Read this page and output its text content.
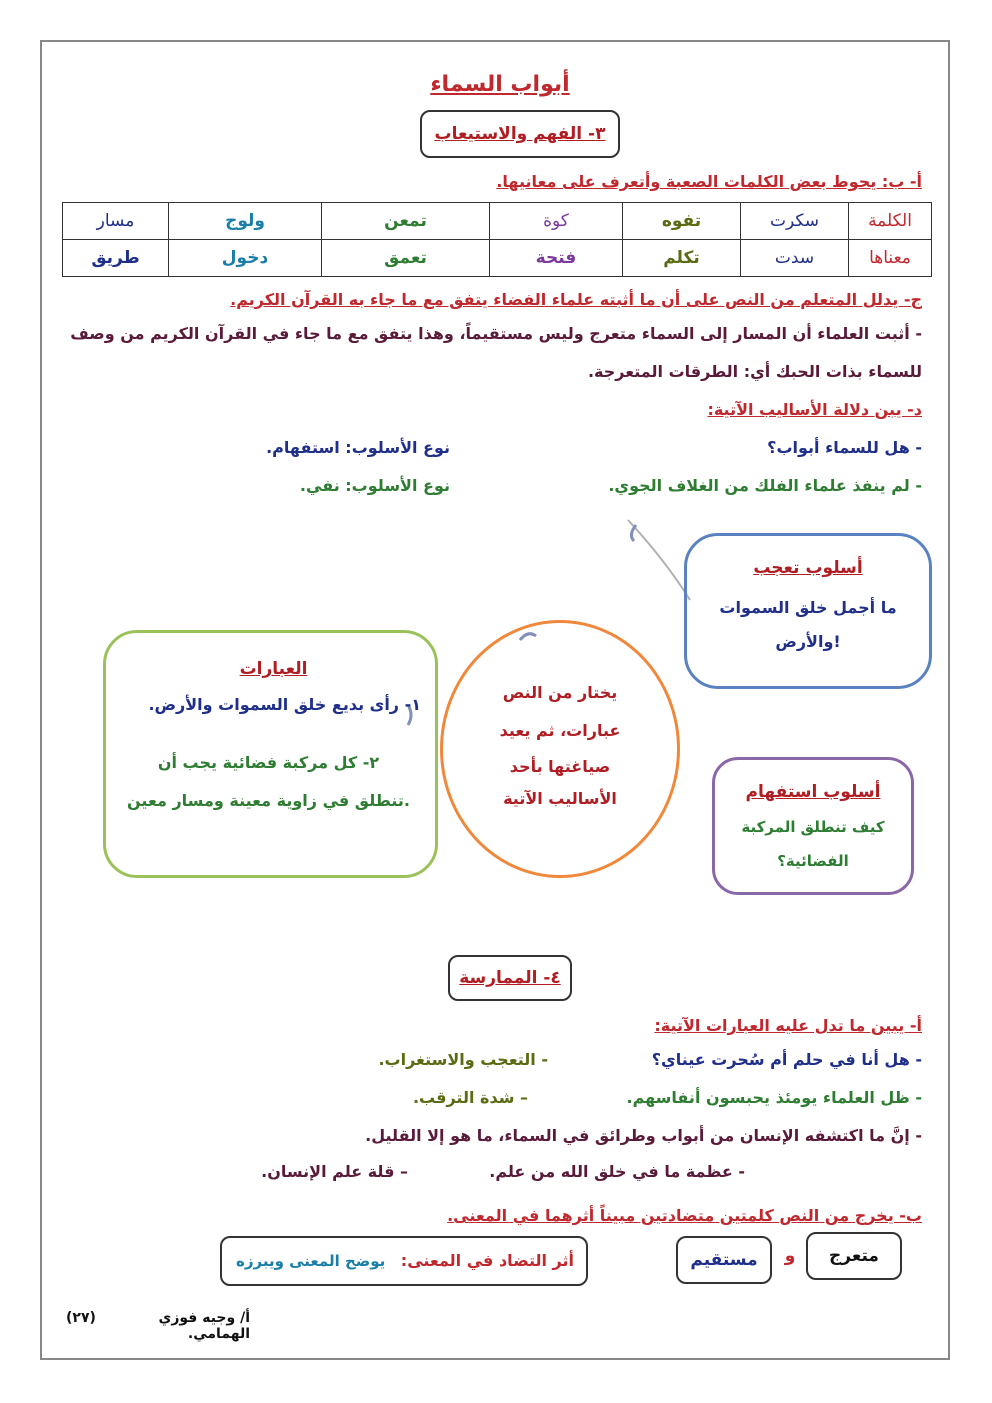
أبواب السماء
٣- الفهم والاستيعاب
أ- ب: يحوط بعض الكلمات الصعبة وأتعرف على معانيها.
الكلمة	سكرت	تفوه	كوة	تمعن	ولوج	مسار
معناها	سدت	تكلم	فتحة	تعمق	دخول	طريق
ج- يدلل المتعلم من النص على أن ما أثبته علماء الفضاء يتفق مع ما جاء به القرآن الكريم.
- أثبت العلماء أن المسار إلى السماء متعرج وليس مستقيماً، وهذا يتفق مع ما جاء في القرآن الكريم من وصف
للسماء بذات الحبك أي: الطرقات المتعرجة.
د- يبن دلالة الأساليب الآتية:
- هل للسماء أبواب؟
نوع الأسلوب: استفهام.
- لم ينفذ علماء الفلك من الغلاف الجوي.
نوع الأسلوب: نفي.
العبارات
١- رأى بديع خلق السموات والأرض.
٢- كل مركبة فضائية يجب أن
تنطلق في زاوية معينة ومسار معين.
يختار من النص
عبارات، ثم يعيد
صياغتها بأحد
الأساليب الآتية
أسلوب تعجب
ما أجمل خلق السموات
والأرض!
أسلوب استفهام
كيف تنطلق المركبة
الفضائية؟
٤- الممارسة
أ- يبين ما تدل عليه العبارات الآتية:
- هل أنا في حلم أم سُحرت عيناي؟
- التعجب والاستغراب.
- ظل العلماء يومئذ يحبسون أنفاسهم.
– شدة الترقب.
- إنَّ ما اكتشفه الإنسان من أبواب وطرائق في السماء، ما هو إلا القليل.
- عظمة ما في خلق الله من علم.
– قلة علم الإنسان.
ب- يخرج من النص كلمتين متضادتين مبيناً أثرهما في المعنى.
متعرج
و
مستقيم
أثر التضاد في المعنى:
يوضح المعنى ويبرزه
أ/ وجيه فوزي الهمامي.
(٢٧)
